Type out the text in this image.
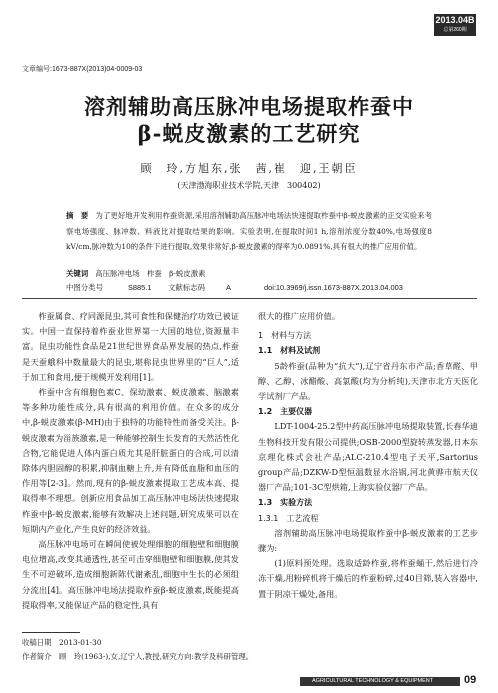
2013.04B
总第260期
文章编号:1673-887X(2013)04-0009-03
溶剂辅助高压脉冲电场提取柞蚕中
β-蜕皮激素的工艺研究
顾　玲,方旭东,张　茜,崔　迎,王朝臣
(天津渤海职业技术学院,天津　300402)
摘　要 为了更好地开发利用柞蚕资源,采用溶剂辅助高压脉冲电场法快速提取柞蚕中β-蜕皮激素的正交实验来考察电场强度、脉冲数、料液比对提取结果的影响。实验表明,在提取时间1 h,溶剂浓度分数40%,电场强度8 kV/cm,脉冲数为10的条件下进行提取,效果非常好,β-蜕皮激素的得率为0.0891%,具有很大的推广应用价值。
关键词 高压脉冲电场　柞蚕　β-蜕皮激素
中图分类号	S885.1 文献标志码	A	doi:10.3969/j.issn.1673-887X.2013.04.003

柞蚕属食、疗同源昆虫,其可食性和保健治疗功效已被证实。中国一直保持着柞蚕业世界第一大国的地位,资源量丰富。昆虫功能性食品是21世纪世界食品界发展的热点,柞蚕是天蚕蛾科中数量最大的昆虫,堪称昆虫世界里的“巨人”,适于加工和食用,便于规模开发利用[1]。

柞蚕中含有细胞色素C、保幼激素、蜕皮激素、脑激素等多种功能性成分,具有很高的利用价值。在众多的成分中,β-蜕皮激素(β-MH)由于独特的功能特性而备受关注。β-蜕皮激素为甾族激素,是一种能够控制生长发育的天然活性化合物,它能促进人体内蛋白质尤其是肝脏蛋白的合成,可以清除体内胆固醇的积累,抑制血糖上升,并有降低血脂和血压的作用等[2-3]。然而,现有的β-蜕皮激素提取工艺成本高、提取得率不理想。创新应用食品加工高压脉冲电场法快速提取柞蚕中β-蜕皮激素,能够有效解决上述问题,研究成果可以在短期内产业化,产生良好的经济效益。

高压脉冲电场可在瞬间使被处理细胞的细胞壁和细胞膜电位增高,改变其通透性,甚至可击穿细胞壁和细胞膜,使其发生不可逆破坏,造成细胞新陈代谢紊乱,细胞中生长的必须组分流出[4]。高压脉冲电场法提取柞蚕β-蜕皮激素,既能提高提取得率,又能保证产品的稳定性,具有

很大的推广应用价值。

1　材料与方法

1.1　材料及试剂

5龄柞蚕(品种为“抗大”),辽宁省丹东市产品;香草醛、甲醇、乙醇、冰醋酸、高氯酸(均为分析纯),天津市北方天医化学试剂厂产品。

1.2　主要仪器

LDT-1004-25.2型中药高压脉冲电场提取装置,长春华迪生物科技开发有限公司提供;OSB-2000型旋转蒸发器,日本东京理化株式会社产品;ALC-210.4型电子天平,Sartorius group产品;DZKW-D型恒温数显水浴锅,河北黄骅市航天仪器厂产品;101-3C型烘箱,上海实验仪器厂产品。

1.3　实验方法

1.3.1　工艺流程

溶剂辅助高压脉冲电场提取柞蚕中β-蜕皮激素的工艺步骤为:

(1)原料预处理。选取适龄柞蚕,将柞蚕蛹干,然后进行冷冻干燥,用粉碎机将干燥后的柞蚕粉碎,过40目筛,装入容器中,置于阴凉干燥处,备用。

收稿日期　2013-01-30
作者简介　顾　玲(1963-),女,辽宁人,教授,研究方向:教学及科研管理。
AGRICULTURAL TECHNOLOGY & EQUIPMENT	09
